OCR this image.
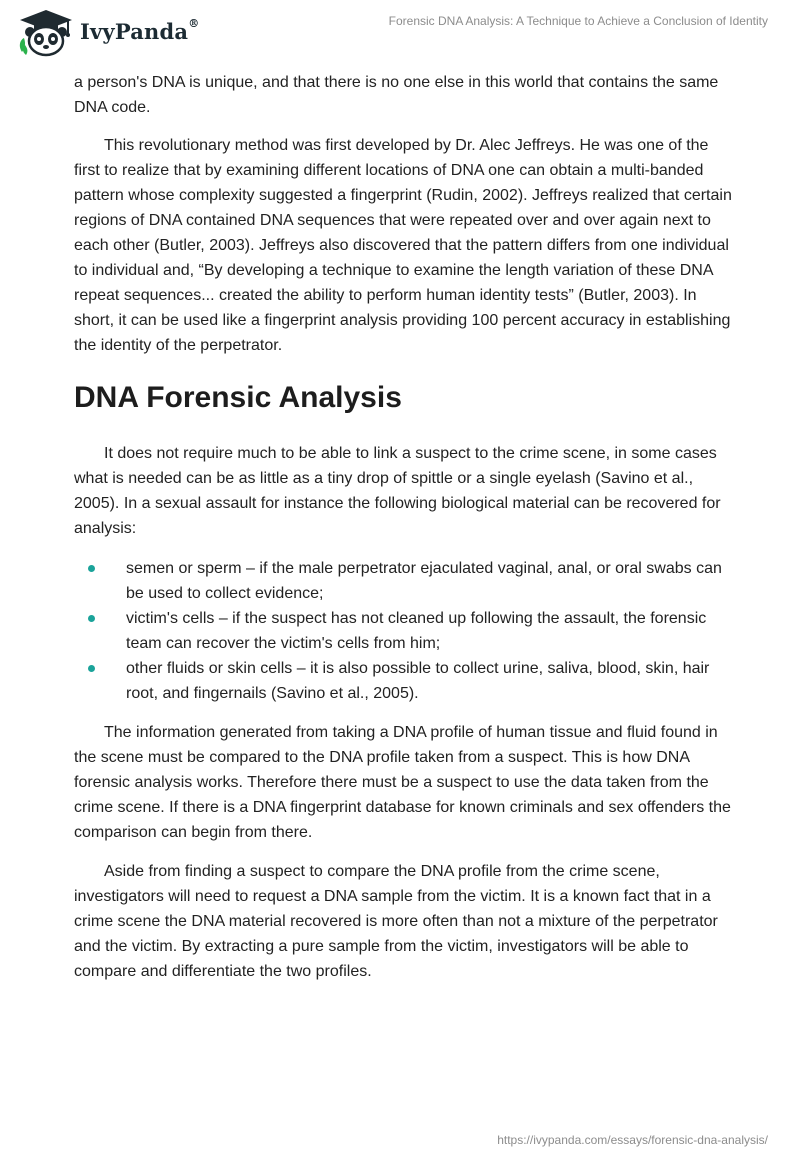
IvyPanda®	Forensic DNA Analysis: A Technique to Achieve a Conclusion of Identity

a person's DNA is unique, and that there is no one else in this world that contains the same DNA code.

This revolutionary method was first developed by Dr. Alec Jeffreys. He was one of the first to realize that by examining different locations of DNA one can obtain a multi-banded pattern whose complexity suggested a fingerprint (Rudin, 2002). Jeffreys realized that certain regions of DNA contained DNA sequences that were repeated over and over again next to each other (Butler, 2003). Jeffreys also discovered that the pattern differs from one individual to individual and, “By developing a technique to examine the length variation of these DNA repeat sequences... created the ability to perform human identity tests” (Butler, 2003). In short, it can be used like a fingerprint analysis providing 100 percent accuracy in establishing the identity of the perpetrator.

DNA Forensic Analysis

It does not require much to be able to link a suspect to the crime scene, in some cases what is needed can be as little as a tiny drop of spittle or a single eyelash (Savino et al., 2005). In a sexual assault for instance the following biological material can be recovered for analysis:

semen or sperm – if the male perpetrator ejaculated vaginal, anal, or oral swabs can be used to collect evidence;
victim's cells – if the suspect has not cleaned up following the assault, the forensic team can recover the victim's cells from him;
other fluids or skin cells – it is also possible to collect urine, saliva, blood, skin, hair root, and fingernails (Savino et al., 2005).

The information generated from taking a DNA profile of human tissue and fluid found in the scene must be compared to the DNA profile taken from a suspect. This is how DNA forensic analysis works. Therefore there must be a suspect to use the data taken from the crime scene. If there is a DNA fingerprint database for known criminals and sex offenders the comparison can begin from there.

Aside from finding a suspect to compare the DNA profile from the crime scene, investigators will need to request a DNA sample from the victim. It is a known fact that in a crime scene the DNA material recovered is more often than not a mixture of the perpetrator and the victim. By extracting a pure sample from the victim, investigators will be able to compare and differentiate the two profiles.

https://ivypanda.com/essays/forensic-dna-analysis/
